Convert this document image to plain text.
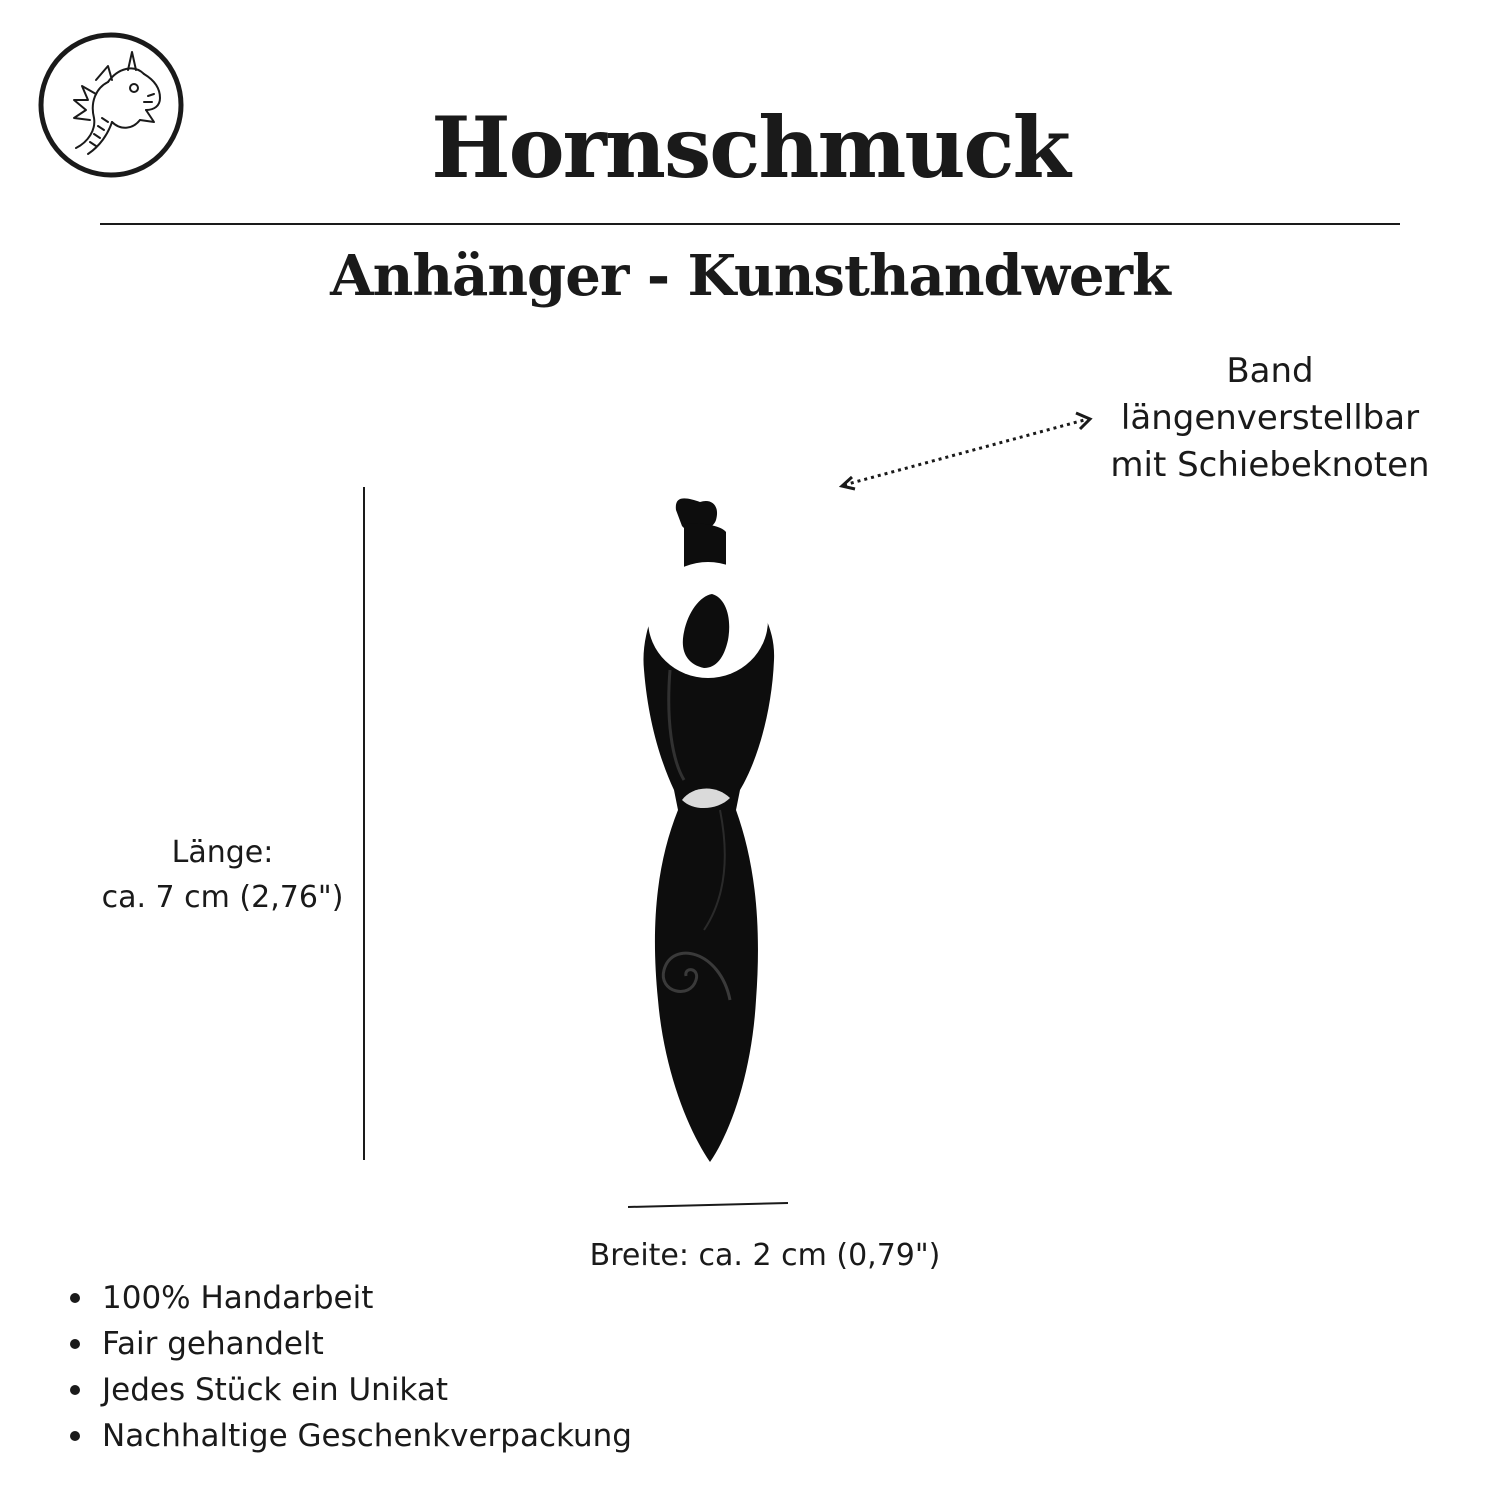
Hornschmuck
Anhänger - Kunsthandwerk
Band
längenverstellbar
mit Schiebeknoten
Länge:
ca. 7 cm (2,76")
Breite: ca. 2 cm (0,79")
100% Handarbeit
Fair gehandelt
Jedes Stück ein Unikat
Nachhaltige Geschenkverpackung
